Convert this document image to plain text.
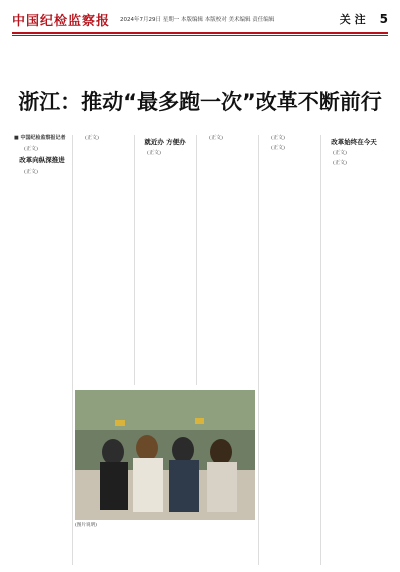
中国纪检监察报 2024年7月29日 星期一 本版编辑 本版校对 美术编辑 责任编辑	关 注 5
浙江：推动“最多跑一次”改革不断前行

■ 中国纪检监察报记者

(正文)

改革向纵深推进

(正文)

(正文)	就近办 方便办

(正文)

(正文)	(正文)

(正文)

改革始终在今天

(正文)

(正文)

(图片说明)
